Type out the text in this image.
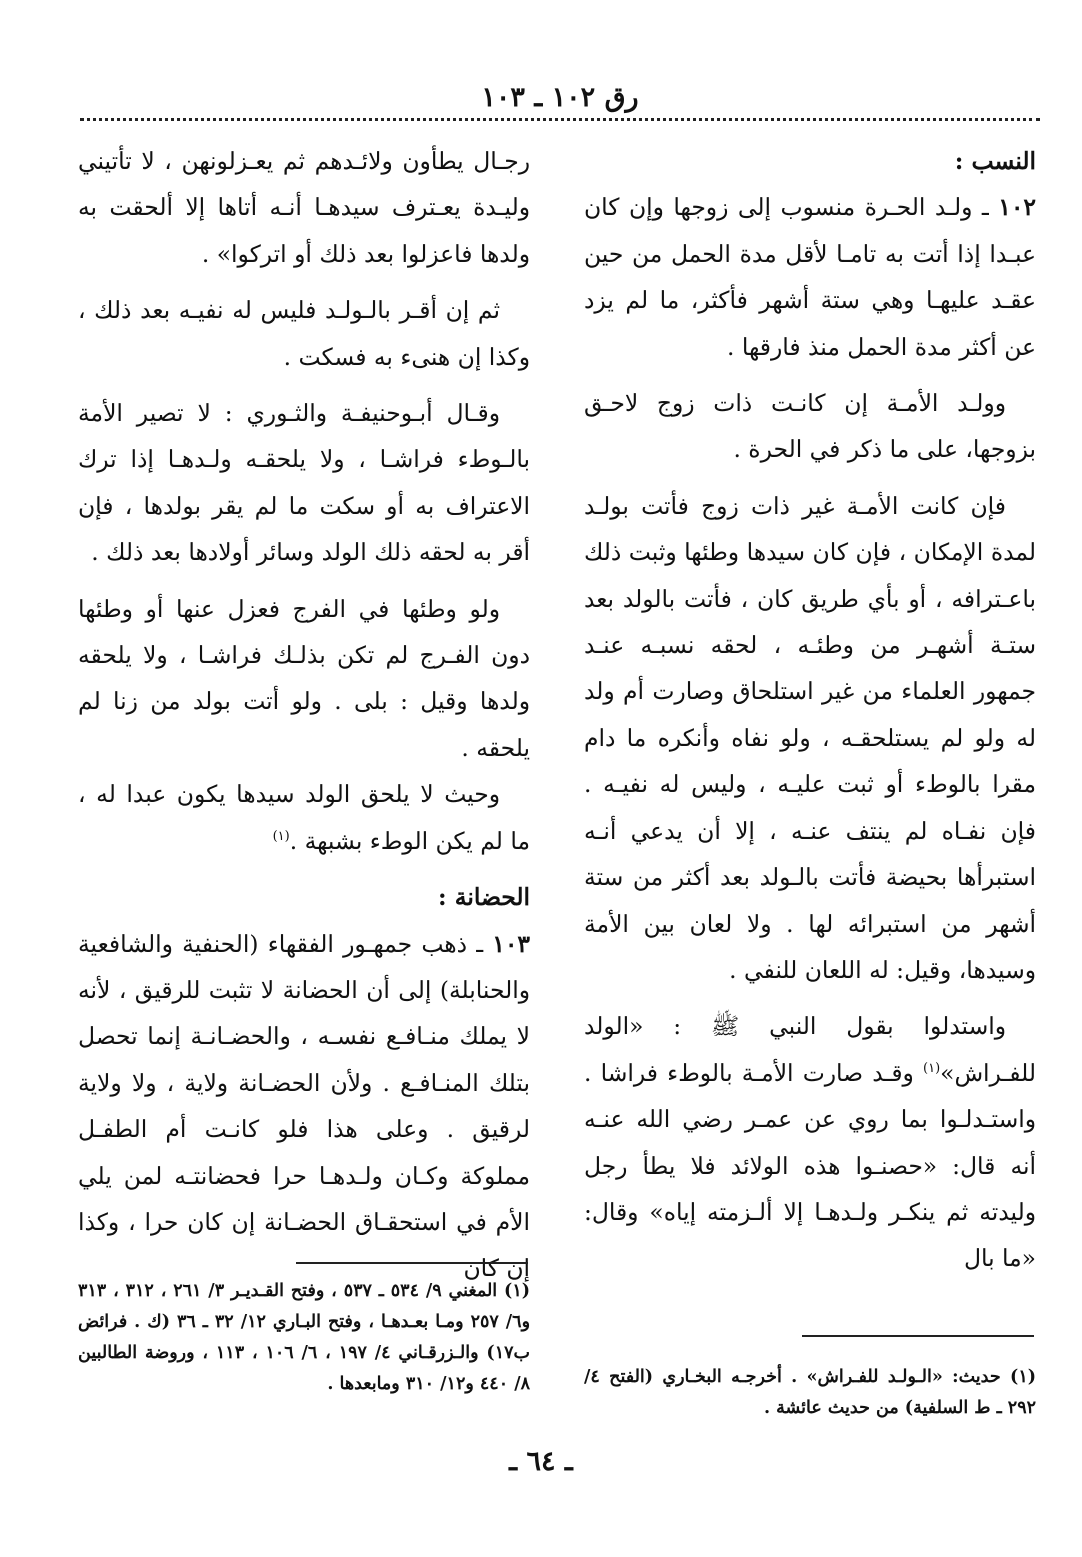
رق ١٠٢ ـ ١٠٣

النسب :

١٠٢ ـ ولـد الحـرة منسوب إلى زوجها وإن كان عبـدا إذا أتت به تامـا لأقل مدة الحمل من حين عقـد عليهـا وهي ستة أشهر فأكثر، ما لم يزد عن أكثر مدة الحمل منذ فارقها .

وولـد الأمـة إن كانـت ذات زوج لاحـق بزوجها، على ما ذكر في الحرة .

فإن كانت الأمـة غير ذات زوج فأتت بولـد لمدة الإمكان ، فإن كان سيدها وطئها وثبت ذلك باعـترافه ، أو بأي طريق كان ، فأتت بالولد بعد ستـة أشهـر من وطئـه ، لحقه نسبـه عنـد جمهور العلماء من غير استلحاق وصارت أم ولد له ولو لم يستلحقـه ، ولو نفاه وأنكره ما دام مقرا بالوطء أو ثبت عليـه ، وليس له نفيـه . فإن نفـاه لم ينتف عنـه ، إلا أن يدعي أنـه استبرأها بحيضة فأتت بالـولد بعد أكثر من ستة أشهر من استبرائه لها . ولا لعان بين الأمة وسيدها، وقيل: له اللعان للنفي .

واستدلوا بقول النبي ﷺ : «الولد للفـراش»$^{(١)}$ وقـد صارت الأمـة بالوطء فراشا . واستـدلـوا بما روي عن عمـر رضي الله عنـه أنه قال: «حصنـوا هذه الولائد فلا يطأ رجل وليدته ثم ينكـر ولـدهـا إلا ألـزمته إياه» وقال: «ما بال

رجـال يطأون ولائـدهم ثم يعـزلونهن ، لا تأتيني وليـدة يعـترف سيدهـا أنـه أتاها إلا ألحقت به ولدها فاعزلوا بعد ذلك أو اتركوا» .

ثم إن أقـر بالـولـد فليس له نفيـه بعد ذلك ، وكذا إن هنىء به فسكت .

وقـال أبـوحنيفـة والثـوري : لا تصير الأمة بالـوطء فراشـا ، ولا يلحقـه ولـدهـا إذا ترك الاعتراف به أو سكت ما لم يقر بولدها ، فإن أقر به لحقه ذلك الولد وسائر أولادها بعد ذلك .

ولو وطئها في الفرج فعزل عنها أو وطئها دون الفـرج لم تكن بذلـك فراشـا ، ولا يلحقه ولدها وقيل : بلى . ولو أتت بولد من زنا لم يلحقه .

وحيث لا يلحق الولد سيدها يكون عبدا له ، ما لم يكن الوطء بشبهة .$^{(١)}$

الحضانة :

١٠٣ ـ ذهب جمهـور الفقهاء (الحنفية والشافعية والحنابلة) إلى أن الحضانة لا تثبت للرقيق ، لأنه لا يملك منـافـع نفسـه ، والحضـانـة إنما تحصل بتلك المنـافـع . ولأن الحضـانة ولاية ، ولا ولاية لرقيق . وعلى هذا فلو كانـت أم الطفـل مملوكة وكـان ولـدهـا حرا فحضانتـه لمن يلي الأم في استحقـاق الحضـانة إن كان حرا ، وكذا إن كان

(١) حديث: «الـولـد للفـراش» . أخرجـه البخـاري (الفتح ٤/ ٢٩٢ ـ ط السلفية) من حديث عائشة .
(١) المغني ٩/ ٥٣٤ ـ ٥٣٧ ، وفتح القـديـر ٣/ ٢٦١ ، ٣١٢ ، ٣١٣ و٦/ ٢٥٧ ومـا بعـدهـا ، وفتح البـاري ١٢/ ٣٢ ـ ٣٦ (ك . فرائض ب١٧) والـزرقـاني ٤/ ١٩٧ ، ٦/ ١٠٦ ، ١١٣ ، وروضة الطالبين ٨/ ٤٤٠ و١٢/ ٣١٠ ومابعدها .
ـ ٦٤ ـ
